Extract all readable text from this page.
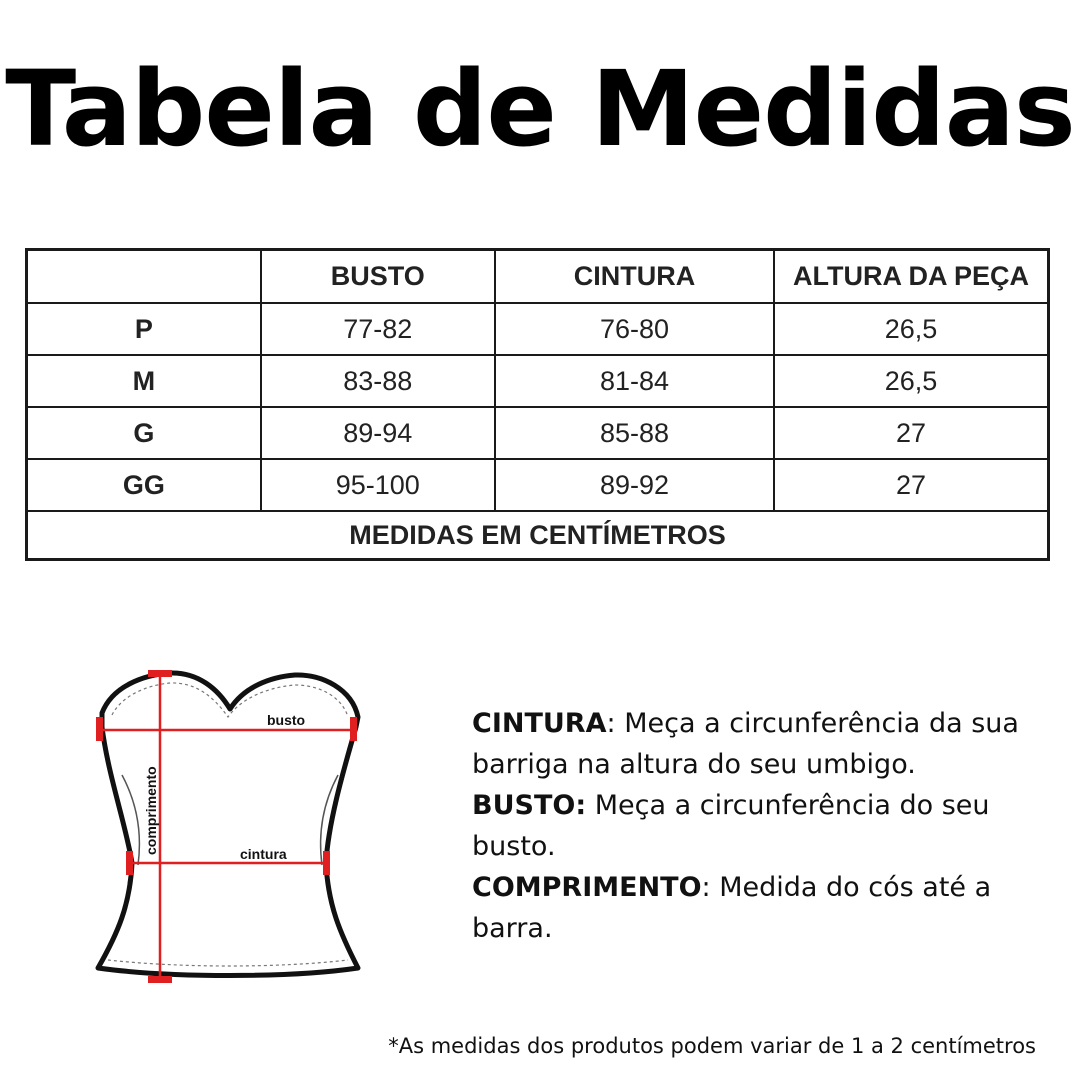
Tabela de Medidas
	BUSTO	CINTURA	ALTURA DA PEÇA
P	77-82	76-80	26,5
M	83-88	81-84	26,5
G	89-94	85-88	27
GG	95-100	89-92	27
MEDIDAS EM CENTÍMETROS			
busto
cintura
comprimento

CINTURA: Meça a circunferência da sua barriga na altura do seu umbigo.

BUSTO: Meça a circunferência do seu busto.

COMPRIMENTO: Medida do cós até a barra.

*As medidas dos produtos podem variar de 1 a 2 centímetros
